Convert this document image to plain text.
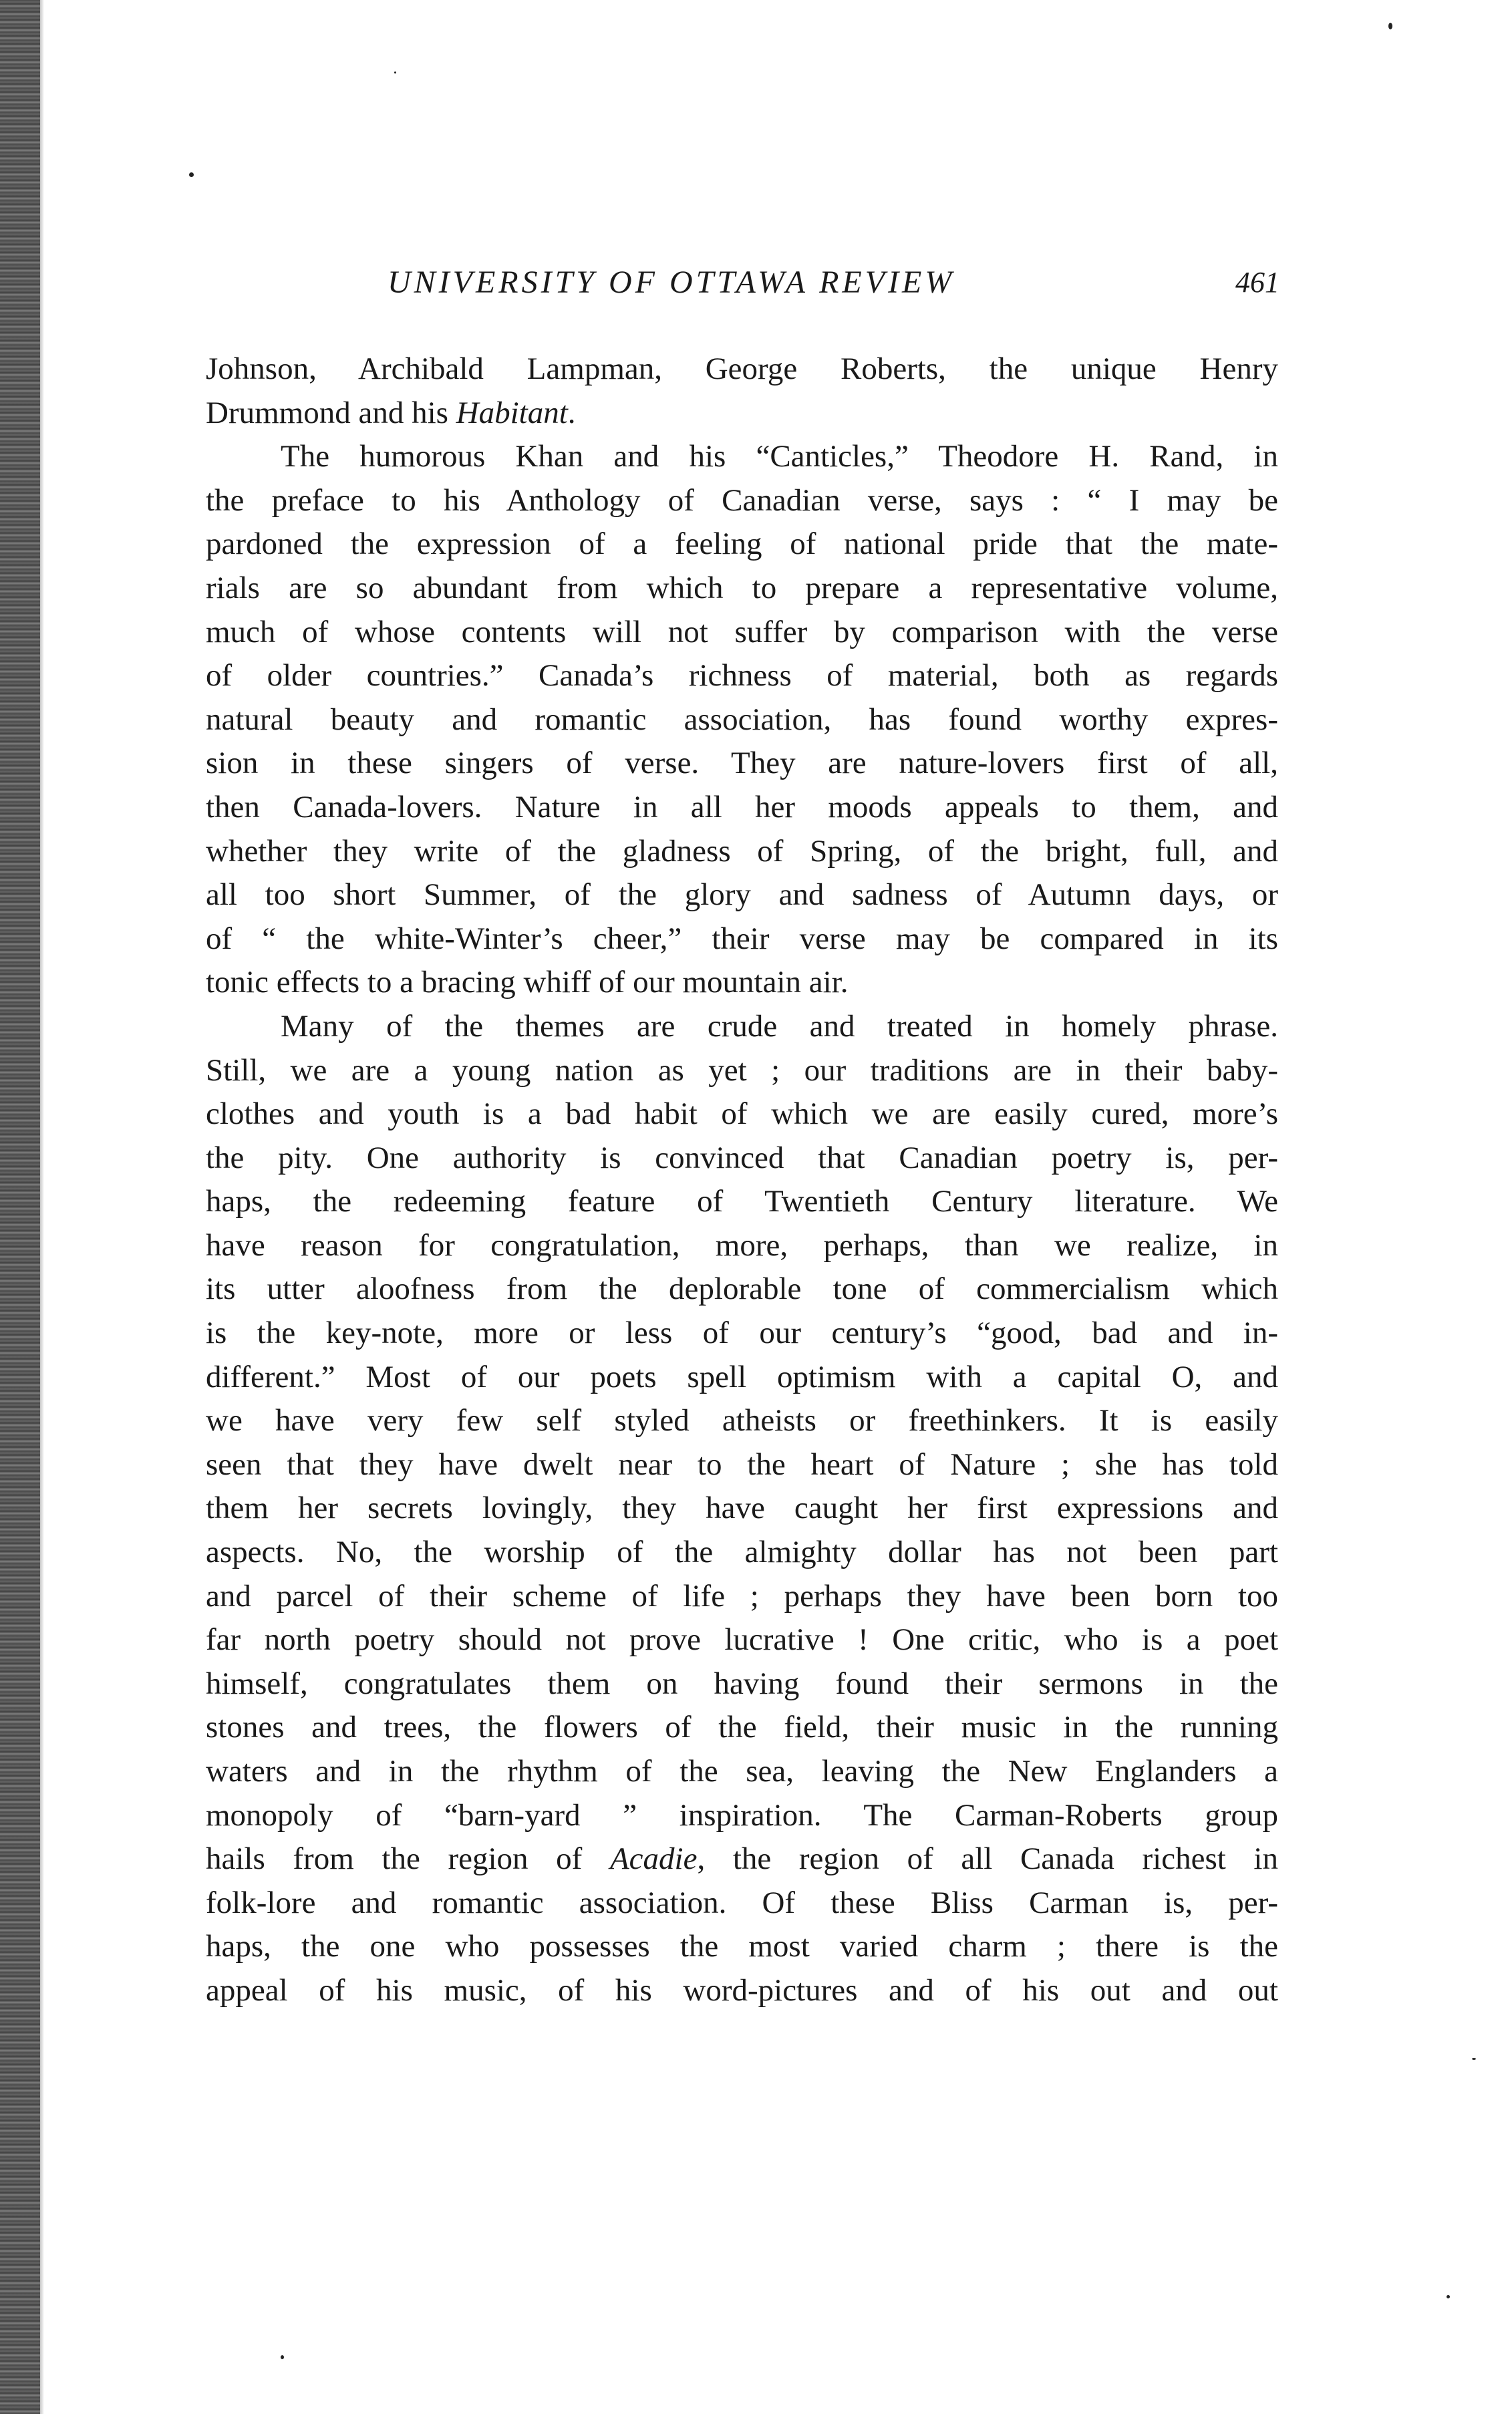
UNIVERSITY OF OTTAWA REVIEW	461
Johnson, Archibald Lampman, George Roberts, the unique Henry
Drummond and his Habitant.
The humorous Khan and his “Canticles,” Theodore H. Rand, in
the preface to his Anthology of Canadian verse, says : “ I may be
pardoned the expression of a feeling of national pride that the mate-
rials are so abundant from which to prepare a representative volume,
much of whose contents will not suffer by comparison with the verse
of older countries.” Canada’s richness of material, both as regards
natural beauty and romantic association, has found worthy expres-
sion in these singers of verse. They are nature-lovers first of all,
then Canada-lovers. Nature in all her moods appeals to them, and
whether they write of the gladness of Spring, of the bright, full, and
all too short Summer, of the glory and sadness of Autumn days, or
of “ the white-Winter’s cheer,” their verse may be compared in its
tonic effects to a bracing whiff of our mountain air.
Many of the themes are crude and treated in homely phrase.
Still, we are a young nation as yet ; our traditions are in their baby-
clothes and youth is a bad habit of which we are easily cured, more’s
the pity. One authority is convinced that Canadian poetry is, per-
haps, the redeeming feature of Twentieth Century literature. We
have reason for congratulation, more, perhaps, than we realize, in
its utter aloofness from the deplorable tone of commercialism which
is the key-note, more or less of our century’s “good, bad and in-
different.” Most of our poets spell optimism with a capital O, and
we have very few self styled atheists or freethinkers. It is easily
seen that they have dwelt near to the heart of Nature ; she has told
them her secrets lovingly, they have caught her first expressions and
aspects. No, the worship of the almighty dollar has not been part
and parcel of their scheme of life ; perhaps they have been born too
far north poetry should not prove lucrative ! One critic, who is a poet
himself, congratulates them on having found their sermons in the
stones and trees, the flowers of the field, their music in the running
waters and in the rhythm of the sea, leaving the New Englanders a
monopoly of “barn-yard ” inspiration. The Carman-Roberts group
hails from the region of Acadie, the region of all Canada richest in
folk-lore and romantic association. Of these Bliss Carman is, per-
haps, the one who possesses the most varied charm ; there is the
appeal of his music, of his word-pictures and of his out and out
